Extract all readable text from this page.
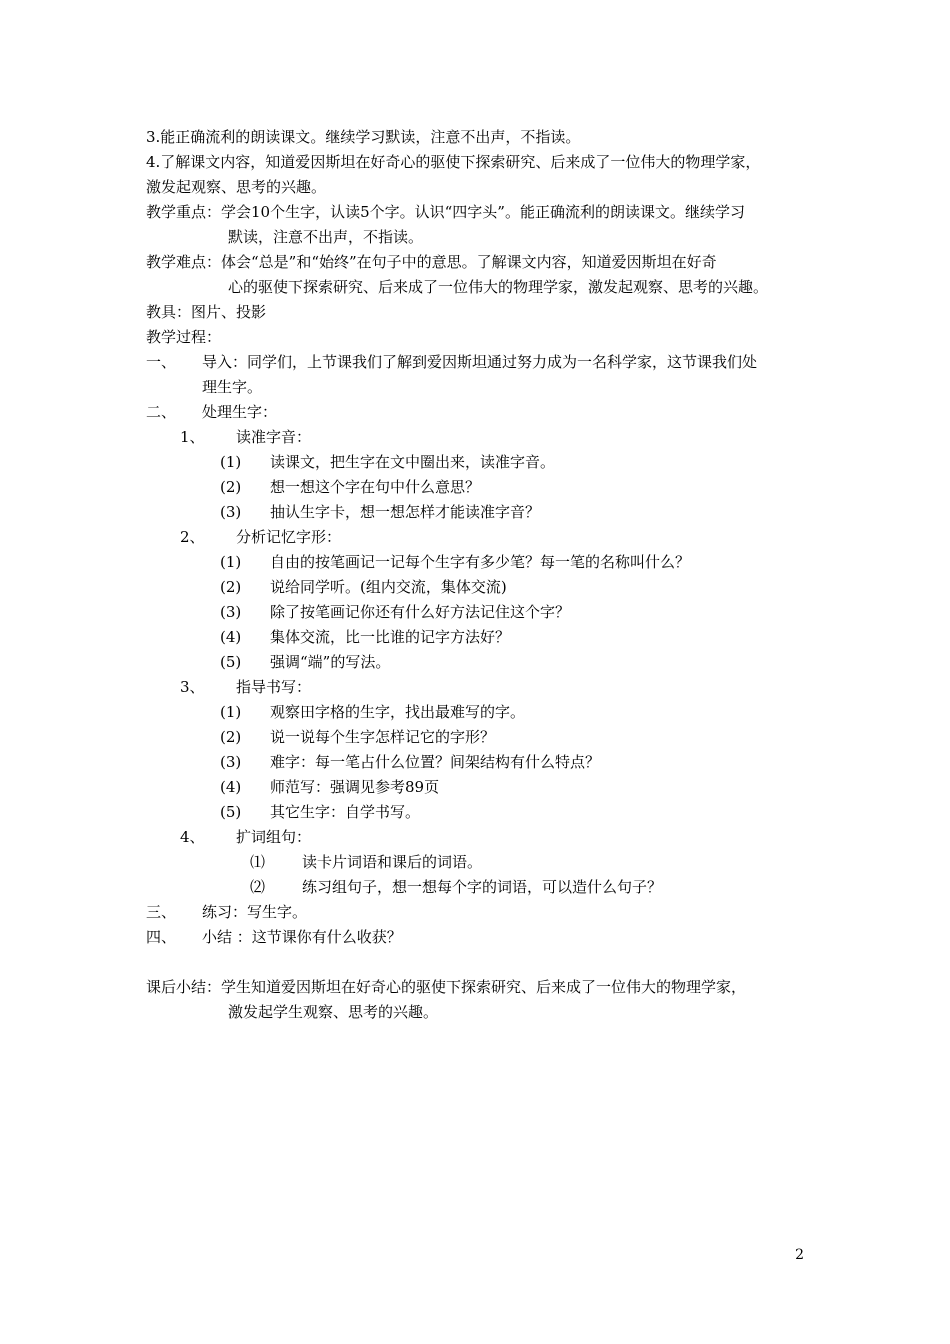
3.能正确流利的朗读课文。继续学习默读，注意不出声，不指读。
4.了解课文内容，知道爱因斯坦在好奇心的驱使下探索研究、后来成了一位伟大的物理学家，
激发起观察、思考的兴趣。
教学重点：学会10个生字，认读5个字。认识“四字头”。能正确流利的朗读课文。继续学习
默读，注意不出声，不指读。
教学难点：体会“总是”和“始终”在句子中的意思。了解课文内容，知道爱因斯坦在好奇
心的驱使下探索研究、后来成了一位伟大的物理学家，激发起观察、思考的兴趣。
教具：图片、投影
教学过程：
一、 导入：同学们，上节课我们了解到爱因斯坦通过努力成为一名科学家，这节课我们处
理生字。
二、 处理生字：
1、 读准字音：
(1) 读课文，把生字在文中圈出来，读准字音。
(2) 想一想这个字在句中什么意思？
(3) 抽认生字卡，想一想怎样才能读准字音？
2、 分析记忆字形：
(1) 自由的按笔画记一记每个生字有多少笔？每一笔的名称叫什么？
(2) 说给同学听。(组内交流，集体交流)
(3) 除了按笔画记你还有什么好方法记住这个字？
(4) 集体交流，比一比谁的记字方法好？
(5) 强调“端”的写法。
3、 指导书写：
(1) 观察田字格的生字，找出最难写的字。
(2) 说一说每个生字怎样记它的字形？
(3) 难字：每一笔占什么位置？间架结构有什么特点？
(4) 师范写：强调见参考89页
(5) 其它生字：自学书写。
4、 扩词组句：
⑴ 读卡片词语和课后的词语。
⑵ 练习组句子，想一想每个字的词语，可以造什么句子？
三、 练习：写生字。
四、 小结 ：这节课你有什么收获？
课后小结：学生知道爱因斯坦在好奇心的驱使下探索研究、后来成了一位伟大的物理学家，
激发起学生观察、思考的兴趣。
2
